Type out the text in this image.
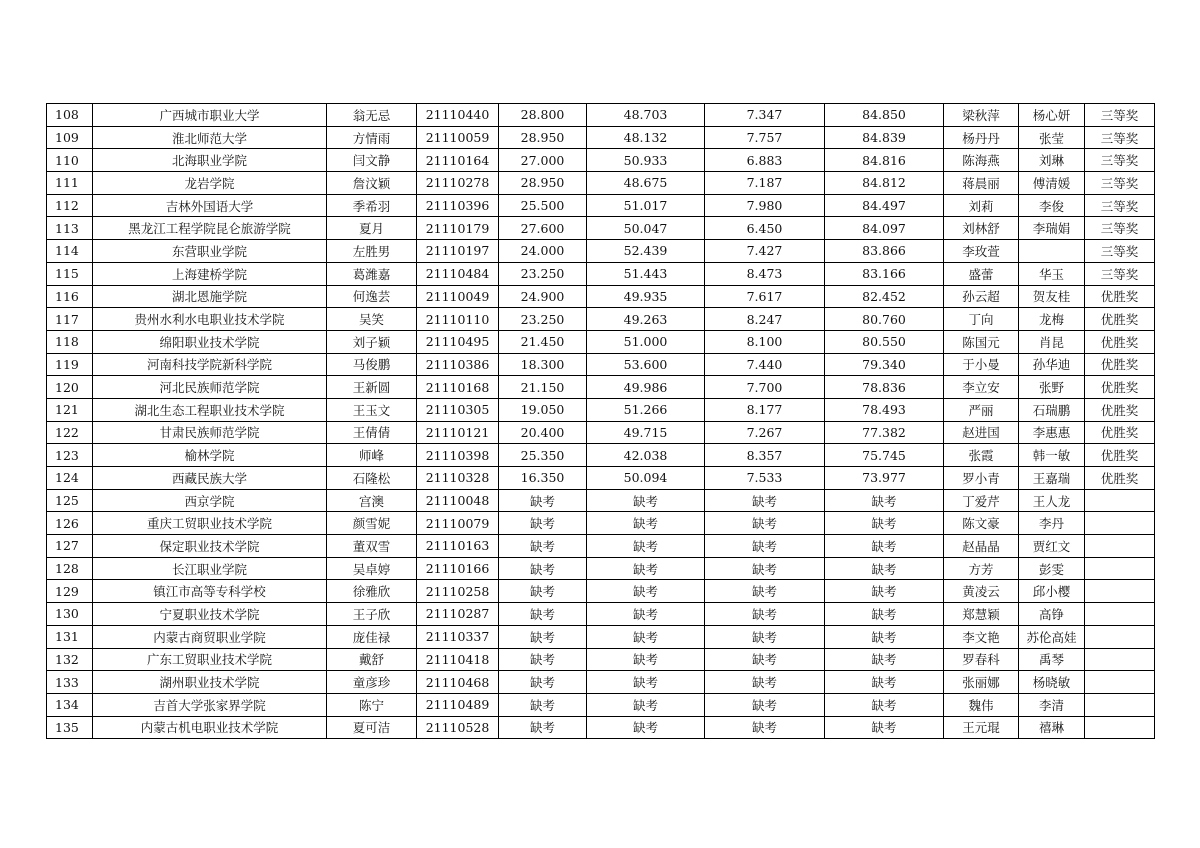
108	广西城市职业大学	翁无忌	21110440	28.800	48.703	7.347	84.850	梁秋萍	杨心妍	三等奖
109	淮北师范大学	方情雨	21110059	28.950	48.132	7.757	84.839	杨丹丹	张莹	三等奖
110	北海职业学院	闫文静	21110164	27.000	50.933	6.883	84.816	陈海燕	刘琳	三等奖
111	龙岩学院	詹汶颖	21110278	28.950	48.675	7.187	84.812	蒋晨丽	傅清媛	三等奖
112	吉林外国语大学	季希羽	21110396	25.500	51.017	7.980	84.497	刘莉	李俊	三等奖
113	黑龙江工程学院昆仑旅游学院	夏月	21110179	27.600	50.047	6.450	84.097	刘林舒	李瑞娟	三等奖
114	东营职业学院	左胜男	21110197	24.000	52.439	7.427	83.866	李玫萱		三等奖
115	上海建桥学院	葛潍嘉	21110484	23.250	51.443	8.473	83.166	盛蕾	华玉	三等奖
116	湖北恩施学院	何逸芸	21110049	24.900	49.935	7.617	82.452	孙云超	贺友桂	优胜奖
117	贵州水利水电职业技术学院	吴笑	21110110	23.250	49.263	8.247	80.760	丁向	龙梅	优胜奖
118	绵阳职业技术学院	刘子颖	21110495	21.450	51.000	8.100	80.550	陈国元	肖昆	优胜奖
119	河南科技学院新科学院	马俊鹏	21110386	18.300	53.600	7.440	79.340	于小曼	孙华迪	优胜奖
120	河北民族师范学院	王新圆	21110168	21.150	49.986	7.700	78.836	李立安	张野	优胜奖
121	湖北生态工程职业技术学院	王玉文	21110305	19.050	51.266	8.177	78.493	严丽	石瑞鹏	优胜奖
122	甘肃民族师范学院	王倩倩	21110121	20.400	49.715	7.267	77.382	赵进国	李惠惠	优胜奖
123	榆林学院	师峰	21110398	25.350	42.038	8.357	75.745	张霞	韩一敏	优胜奖
124	西藏民族大学	石隆松	21110328	16.350	50.094	7.533	73.977	罗小青	王嘉瑞	优胜奖
125	西京学院	宫澳	21110048	缺考	缺考	缺考	缺考	丁爱芹	王人龙	
126	重庆工贸职业技术学院	颜雪妮	21110079	缺考	缺考	缺考	缺考	陈文豪	李丹	
127	保定职业技术学院	董双雪	21110163	缺考	缺考	缺考	缺考	赵晶晶	贾红文	
128	长江职业学院	吴卓婷	21110166	缺考	缺考	缺考	缺考	方芳	彭雯	
129	镇江市高等专科学校	徐雅欣	21110258	缺考	缺考	缺考	缺考	黄凌云	邱小樱	
130	宁夏职业技术学院	王子欣	21110287	缺考	缺考	缺考	缺考	郑慧颖	高铮	
131	内蒙古商贸职业学院	庞佳禄	21110337	缺考	缺考	缺考	缺考	李文艳	苏伦高娃	
132	广东工贸职业技术学院	戴舒	21110418	缺考	缺考	缺考	缺考	罗春科	禹琴	
133	湖州职业技术学院	童彦珍	21110468	缺考	缺考	缺考	缺考	张丽娜	杨晓敏	
134	吉首大学张家界学院	陈宁	21110489	缺考	缺考	缺考	缺考	魏伟	李清	
135	内蒙古机电职业技术学院	夏可洁	21110528	缺考	缺考	缺考	缺考	王元琨	禧琳	
